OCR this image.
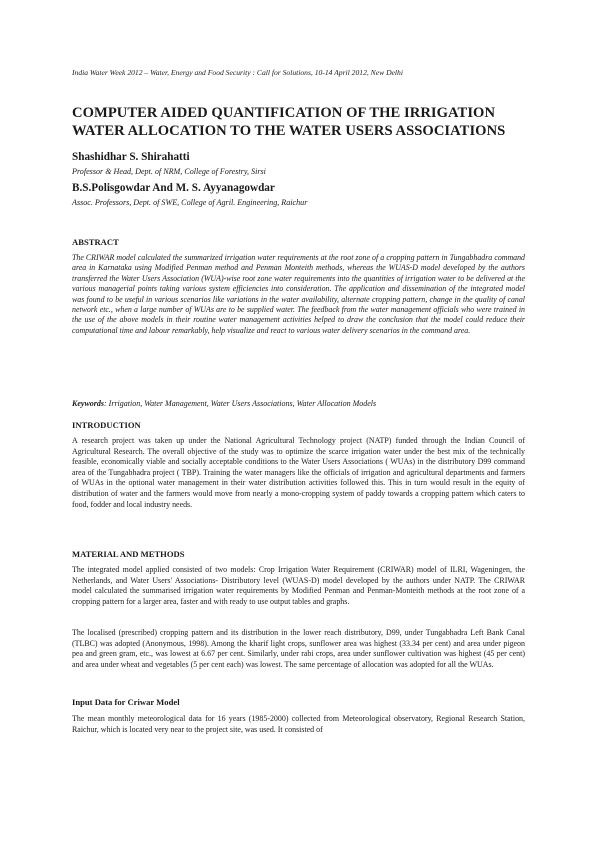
India Water Week 2012 – Water, Energy and Food Security : Call for Solutions, 10-14 April 2012, New Delhi
COMPUTER AIDED QUANTIFICATION OF THE IRRIGATION
WATER ALLOCATION TO THE WATER USERS ASSOCIATIONS
Shashidhar S. Shirahatti
Professor & Head, Dept. of NRM, College of Forestry, Sirsi
B.S.Polisgowdar And M. S. Ayyanagowdar
Assoc. Professors, Dept. of SWE, College of Agril. Engineering, Raichur
ABSTRACT
The CRIWAR model calculated the summarized irrigation water requirements at the root zone of a cropping pattern in Tungabhadra command area in Karnataka using Modified Penman method and Penman Monteith methods, whereas the WUAS-D model developed by the authors transferred the Water Users Association (WUA)-wise root zone water requirements into the quantities of irrigation water to be delivered at the various managerial points taking various system efficiencies into consideration. The application and dissemination of the integrated model was found to be useful in various scenarios like variations in the water availability, alternate cropping pattern, change in the quality of canal network etc., when a large number of WUAs are to be supplied water. The feedback from the water management officials who were trained in the use of the above models in their routine water management activities helped to draw the conclusion that the model could reduce their computational time and labour remarkably, help visualize and react to various water delivery scenarios in the command area.
Keywords: Irrigation, Water Management, Water Users Associations, Water Allocation Models
INTRODUCTION
A research project was taken up under the National Agricultural Technology project (NATP) funded through the Indian Council of Agricultural Research. The overall objective of the study was to optimize the scarce irrigation water under the best mix of the technically feasible, economically viable and socially acceptable conditions to the Water Users Associations ( WUAs) in the distributory D99 command area of the Tungabhadra project ( TBP). Training the water managers like the officials of irrigation and agricultural departments and farmers of WUAs in the optional water management in their water distribution activities followed this. This in turn would result in the equity of distribution of water and the farmers would move from nearly a mono-cropping system of paddy towards a cropping pattern which caters to food, fodder and local industry needs.
MATERIAL AND METHODS
The integrated model applied consisted of two models: Crop Irrigation Water Requirement (CRIWAR) model of ILRI, Wageningen, the Netherlands, and Water Users' Associations- Distributory level (WUAS-D) model developed by the authors under NATP. The CRIWAR model calculated the summarised irrigation water requirements by Modified Penman and Penman-Monteith methods at the root zone of a cropping pattern for a larger area, faster and with ready to use output tables and graphs.
The localised (prescribed) cropping pattern and its distribution in the lower reach distributory, D99, under Tungabhadra Left Bank Canal (TLBC) was adopted (Anonymous, 1998). Among the kharif light crops, sunflower area was highest (33.34 per cent) and area under pigeon pea and green gram, etc., was lowest at 6.67 per cent. Similarly, under rabi crops, area under sunflower cultivation was highest (45 per cent) and area under wheat and vegetables (5 per cent each) was lowest. The same percentage of allocation was adopted for all the WUAs.
Input Data for Criwar Model
The mean monthly meteorological data for 16 years (1985-2000) collected from Meteorological observatory, Regional Research Station, Raichur, which is located very near to the project site, was used. It consisted of
